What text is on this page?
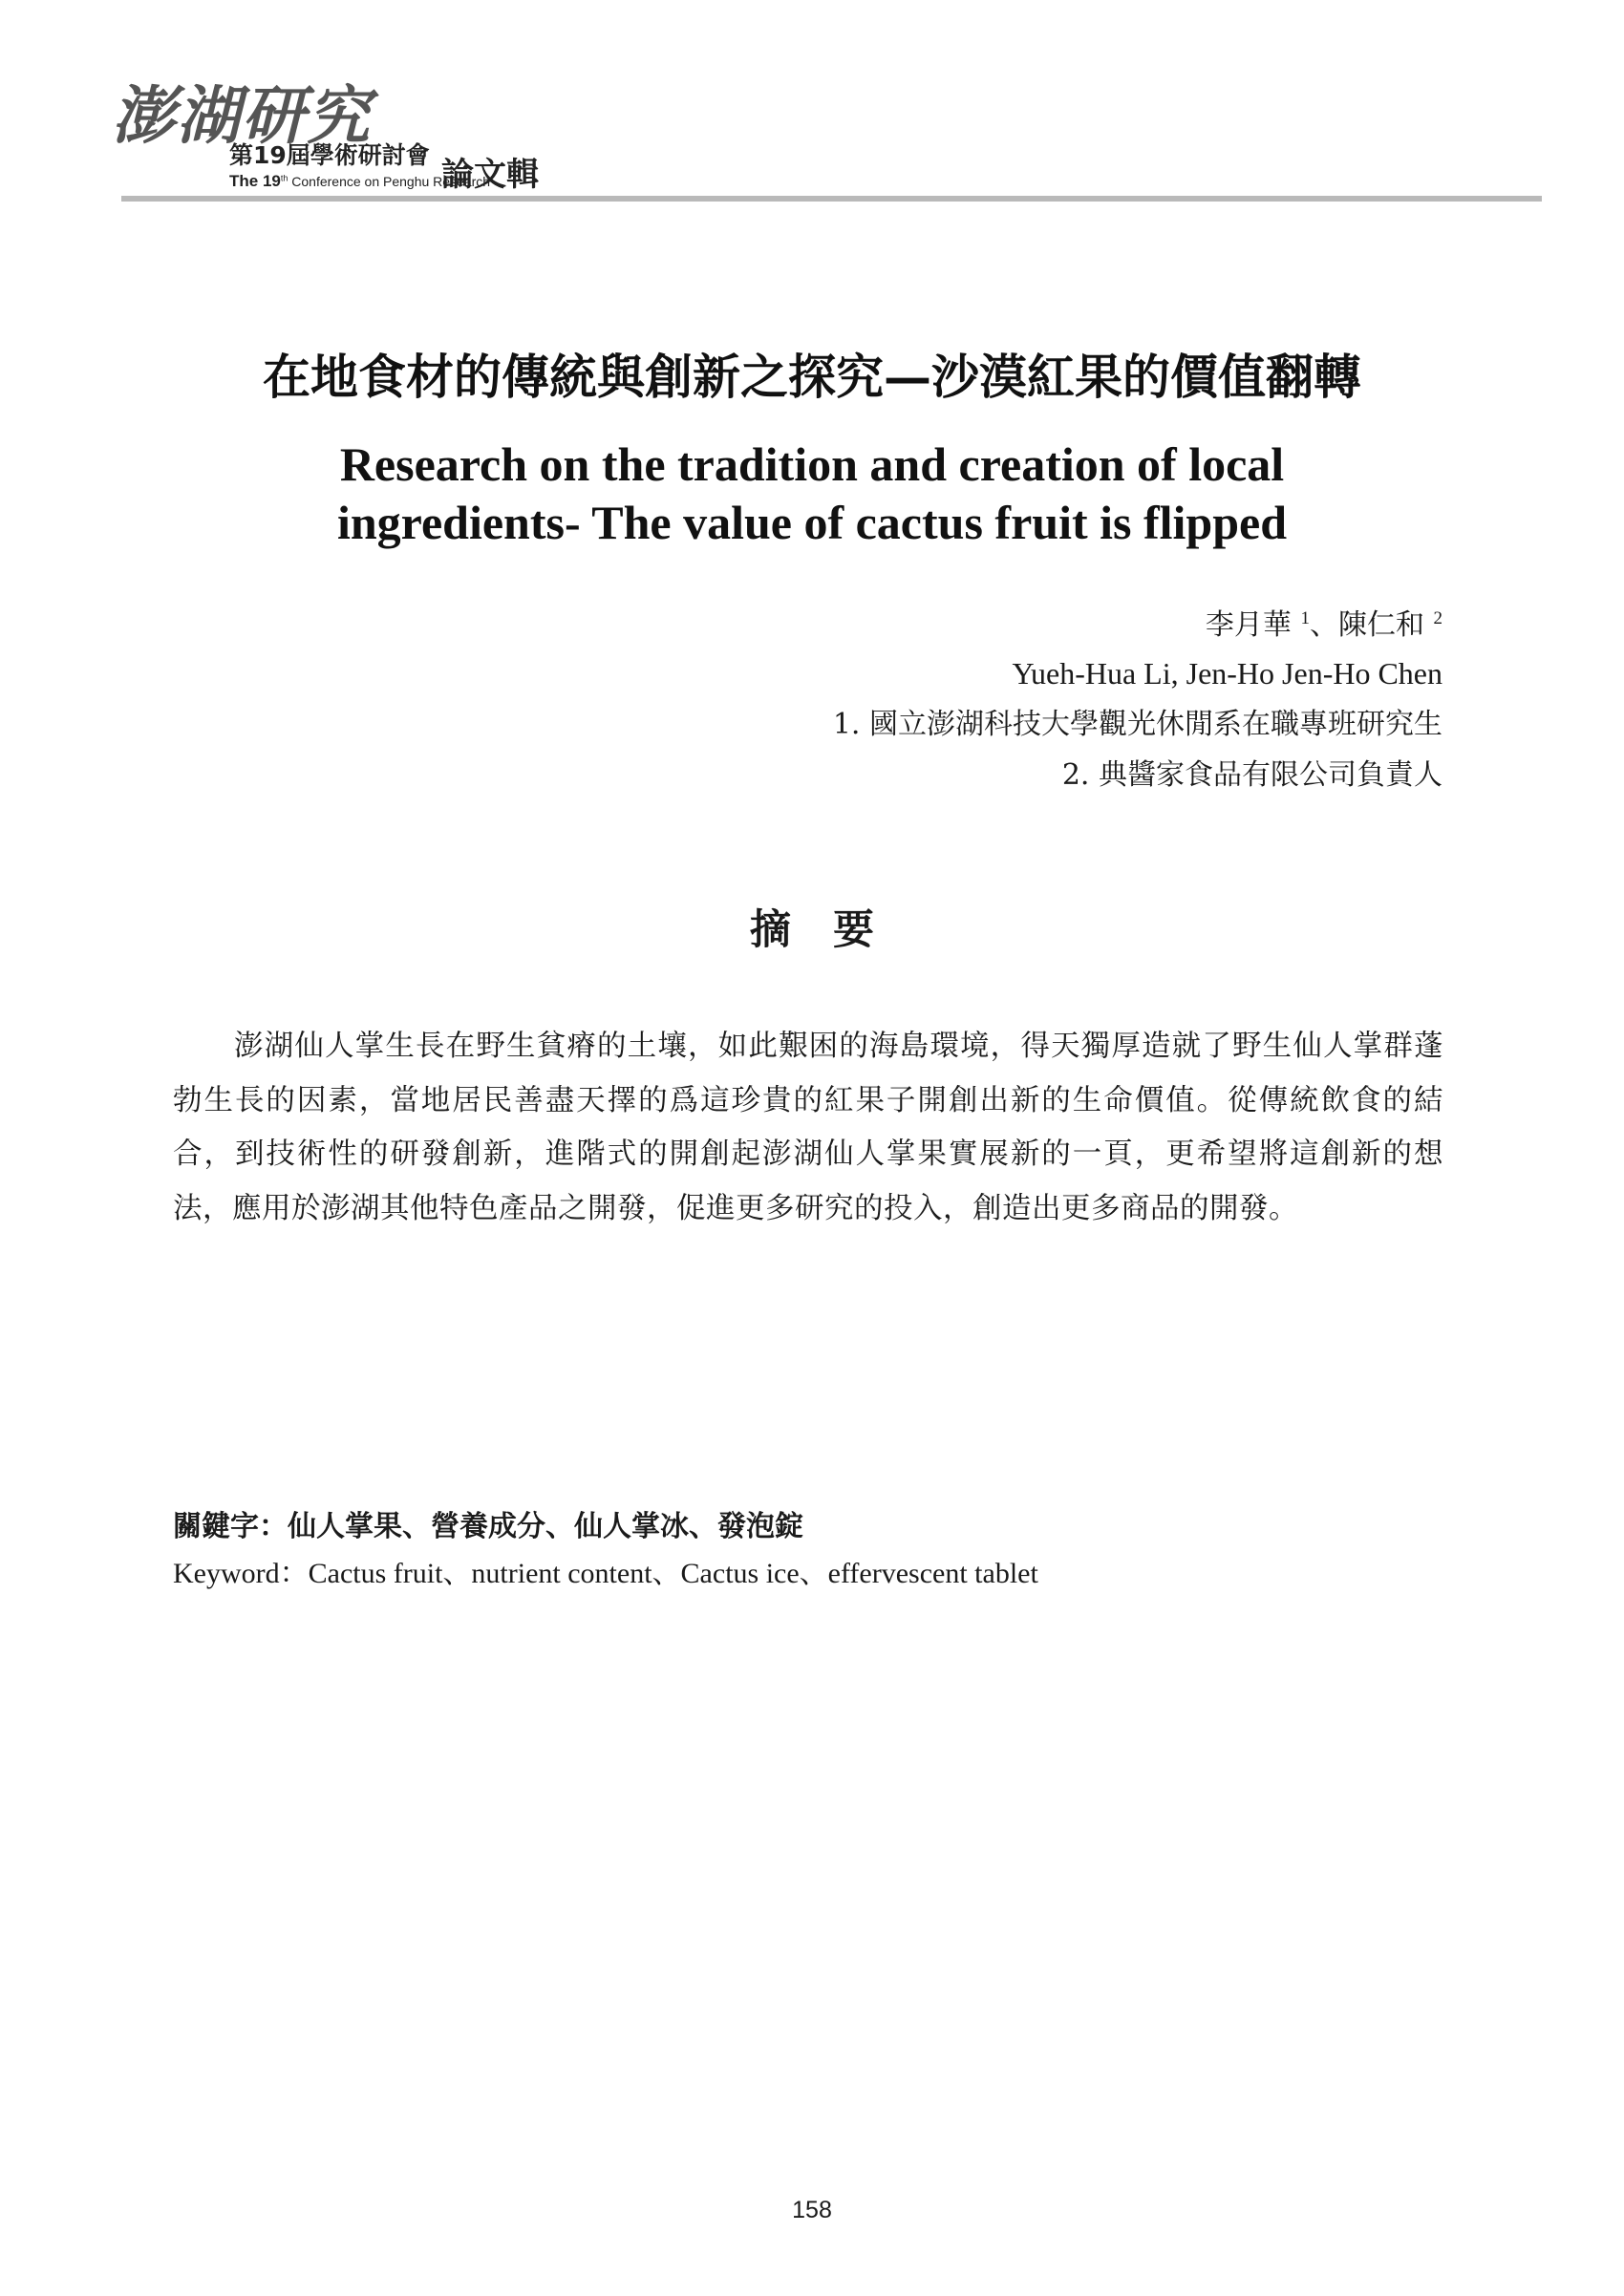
澎湖研究
第19屆學術研討會
The 19th Conference on Penghu Research
論文輯
在地食材的傳統與創新之探究—沙漠紅果的價值翻轉
Research on the tradition and creation of local
ingredients- The value of cactus fruit is flipped
李月華 $^1$、陳仁和 $^2$
Yueh-Hua Li, Jen-Ho Jen-Ho Chen
1. 國立澎湖科技大學觀光休閒系在職專班研究生
2. 典醬家食品有限公司負責人
摘要
澎湖仙人掌生長在野生貧瘠的土壤，如此艱困的海島環境，得天獨厚造就了野生仙人掌群蓬勃生長的因素，當地居民善盡天擇的爲這珍貴的紅果子開創出新的生命價值。從傳統飲食的結合，到技術性的研發創新，進階式的開創起澎湖仙人掌果實展新的一頁，更希望將這創新的想法，應用於澎湖其他特色產品之開發，促進更多研究的投入，創造出更多商品的開發。
關鍵字：仙人掌果、營養成分、仙人掌冰、發泡錠
Keyword：Cactus fruit、nutrient content、Cactus ice、effervescent tablet
158
